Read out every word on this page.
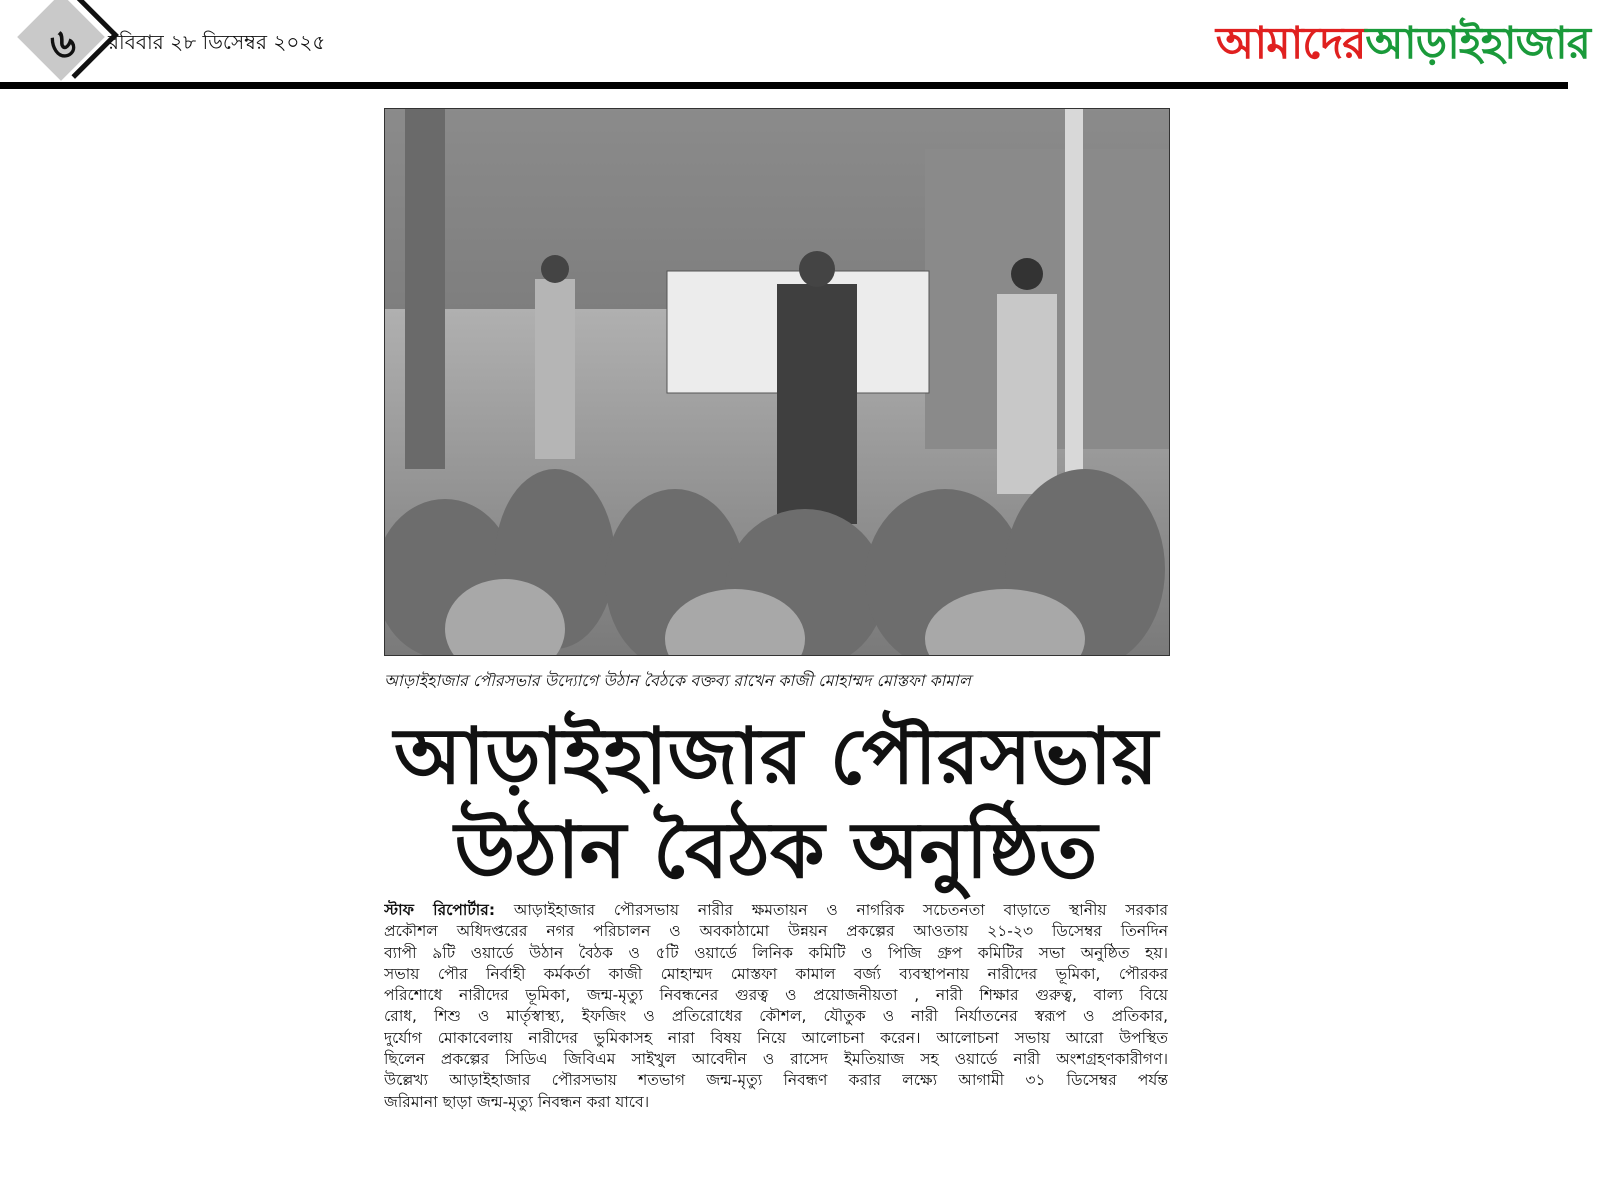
৬	রবিবার ২৮ ডিসেম্বর ২০২৫	আমাদেরআড়াইহাজার
আড়াইহাজার পৌরসভার উদ্যোগে উঠান বৈঠকে বক্তব্য রাখেন কাজী মোহাম্মদ মোস্তফা কামাল
আড়াইহাজার পৌরসভায়
উঠান বৈঠক অনুষ্ঠিত
স্টাফ রিপোর্টার: আড়াইহাজার পৌরসভায় নারীর ক্ষমতায়ন ও নাগরিক সচেতনতা বাড়াতে স্থানীয় সরকার
প্রকৌশল অধিদপ্তরের নগর পরিচালন ও অবকাঠামো উন্নয়ন প্রকল্পের আওতায় ২১-২৩ ডিসেম্বর তিনদিন
ব্যাপী ৯টি ওয়ার্ডে উঠান বৈঠক ও ৫টি ওয়ার্ডে লিনিক কমিটি ও পিজি গ্রুপ কমিটির সভা অনুষ্ঠিত হয়।
সভায় পৌর নির্বাহী কর্মকর্তা কাজী মোহাম্মদ মোস্তফা কামাল বর্জ্য ব্যবস্থাপনায় নারীদের ভূমিকা, পৌরকর
পরিশোধে নারীদের ভূমিকা, জন্ম-মৃত্যু নিবন্ধনের গুরত্ব ও প্রয়োজনীয়তা , নারী শিক্ষার গুরুত্ব, বাল্য বিয়ে
রোধ, শিশু ও মার্তৃস্বাস্থ্য, ইফজিং ও প্রতিরোধের কৌশল, যৌতুক ও নারী নির্যাতনের স্বরূপ ও প্রতিকার,
দুর্যোগ মোকাবেলায় নারীদের ভুমিকাসহ নারা বিষয় নিয়ে আলোচনা করেন। আলোচনা সভায় আরো উপস্থিত
ছিলেন প্রকল্পের সিডিএ জিবিএম সাইখুল আবেদীন ও রাসেদ ইমতিয়াজ সহ ওয়ার্ডে নারী অংশগ্রহণকারীগণ।
উল্লেখ্য আড়াইহাজার পৌরসভায় শতভাগ জন্ম-মৃত্যু নিবন্ধণ করার লক্ষ্যে আগামী ৩১ ডিসেম্বর পর্যন্ত
জরিমানা ছাড়া জন্ম-মৃত্যু নিবন্ধন করা যাবে।
